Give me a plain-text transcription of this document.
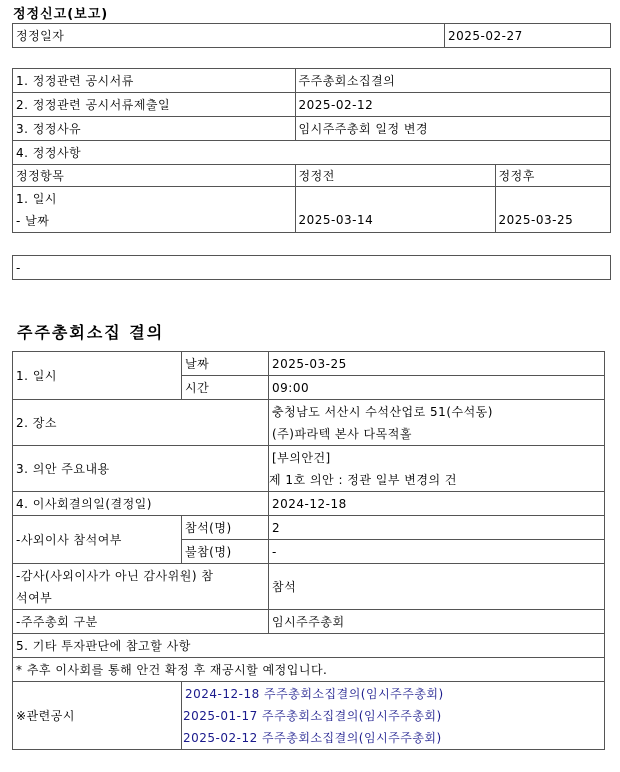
정정신고(보고)
정정일자	2025-02-27
1. 정정관련 공시서류	주주총회소집결의	
2. 정정관련 공시서류제출일	2025-02-12	
3. 정정사유	임시주주총회 일정 변경	
4. 정정사항		
정정항목	정정전	정정후

1. 일시
- 날짜	2025-03-14	2025-03-25
-
주주총회소집 결의
1. 일시	날짜	2025-03-25
	시간	09:00
2. 장소		충청남도 서산시 수석산업로 51(수석동)
(주)파라텍 본사 다목적홀

3. 의안 주요내용		[부의안건]
제 1호 의안 : 정관 일부 변경의 건

4. 이사회결의일(결정일)		2024-12-18
-사외이사 참석여부	참석(명)	2
	불참(명)	-

-감사(사외이사가 아닌 감사위원) 참
석여부		참석
-주주총회 구분		임시주주총회
5. 기타 투자판단에 참고할 사항		
* 추후 이사회를 통해 안건 확정 후 재공시할 예정입니다.		
※관련공시	2024-12-18 주주총회소집결의(임시주주총회)
2025-01-17 주주총회소집결의(임시주주총회)
2025-02-12 주주총회소집결의(임시주주총회)	
